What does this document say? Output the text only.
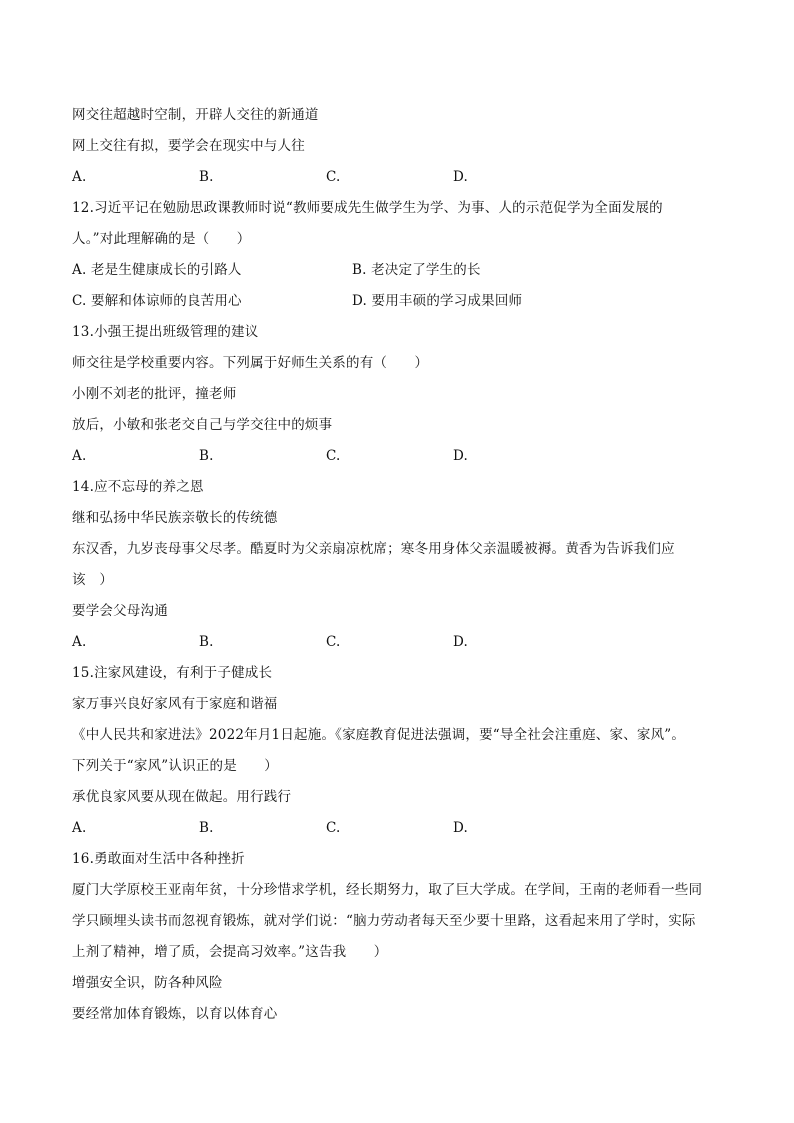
网交往超越时空制，开辟人交往的新通道
网上交往有拟，要学会在现实中与人往
A.	B.	C.	D.
12.习近平记在勉励思政课教师时说“教师要成先生做学生为学、为事、人的示范促学为全面发展的
人。”对此理解确的是（　　）
A. 老是生健康成长的引路人	B. 老决定了学生的长
C. 要解和体谅师的良苦用心	D. 要用丰硕的学习成果回师
13.小强王提出班级管理的建议
师交往是学校重要内容。下列属于好师生关系的有（　　）
小刚不刘老的批评，撞老师
放后，小敏和张老交自己与学交往中的烦事
A.	B.	C.	D.
14.应不忘母的养之恩
继和弘扬中华民族亲敬长的传统德
东汉香，九岁丧母事父尽孝。酷夏时为父亲扇凉枕席；寒冬用身体父亲温暖被褥。黄香为告诉我们应
该　）
要学会父母沟通
A.	B.	C.	D.
15.注家风建设，有利于子健成长
家万事兴良好家风有于家庭和谐福
《中人民共和家进法》2022年月1日起施。《家庭教育促进法强调，要“导全社会注重庭、家、家风”。
下列关于“家风”认识正的是　　）
承优良家风要从现在做起。用行践行
A.	B.	C.	D.
16.勇敢面对生活中各种挫折
厦门大学原校王亚南年贫，十分珍惜求学机，经长期努力，取了巨大学成。在学间，王南的老师看一些同
学只顾埋头读书而忽视育锻炼，就对学们说：“脑力劳动者每天至少要十里路，这看起来用了学时，实际
上剂了精神，增了质，会提高习效率。”这告我　　）
增强安全识，防各种风险
要经常加体育锻炼，以育以体育心
